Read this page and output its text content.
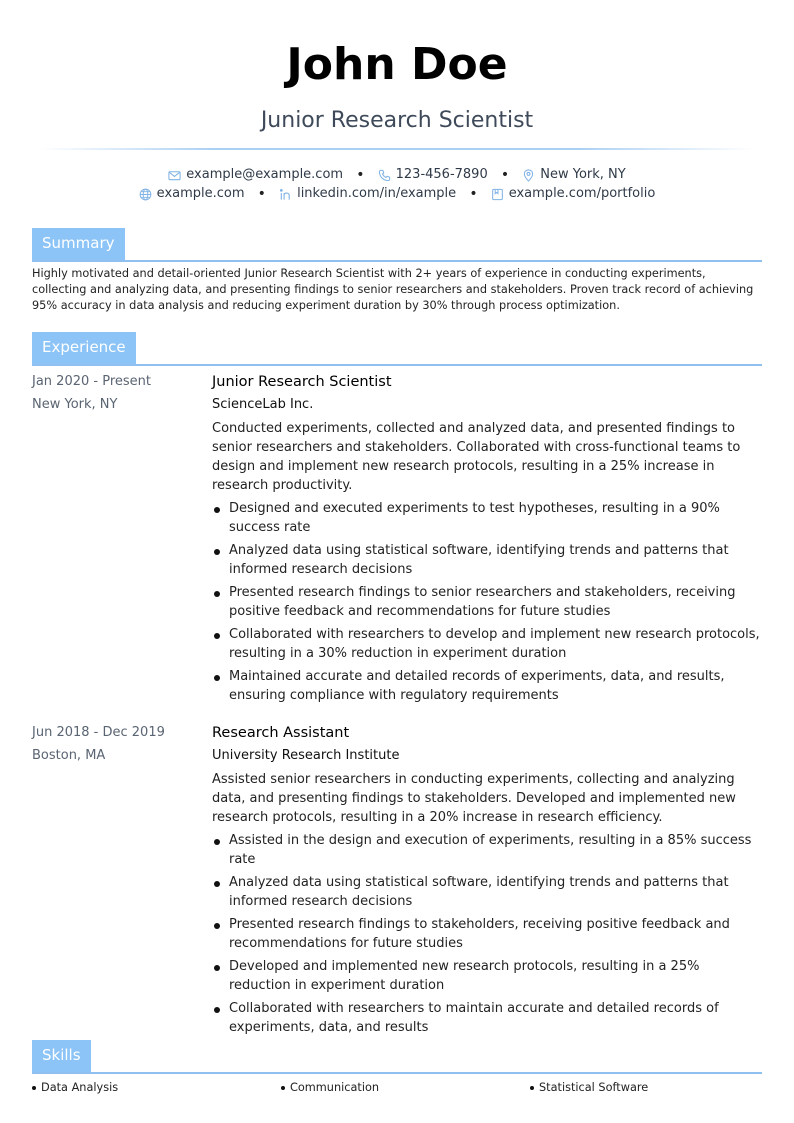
John Doe
Junior Research Scientist
example@example.com • 123-456-7890 • New York, NY
example.com • linkedin.com/in/example • example.com/portfolio
Summary
Highly motivated and detail-oriented Junior Research Scientist with 2+ years of experience in conducting experiments, collecting and analyzing data, and presenting findings to senior researchers and stakeholders. Proven track record of achieving 95% accuracy in data analysis and reducing experiment duration by 30% through process optimization.
Experience
Jan 2020 - Present
New York, NY

Junior Research Scientist

ScienceLab Inc.

Conducted experiments, collected and analyzed data, and presented findings to senior researchers and stakeholders. Collaborated with cross-functional teams to design and implement new research protocols, resulting in a 25% increase in research productivity.

Designed and executed experiments to test hypotheses, resulting in a 90% success rate
Analyzed data using statistical software, identifying trends and patterns that informed research decisions
Presented research findings to senior researchers and stakeholders, receiving positive feedback and recommendations for future studies
Collaborated with researchers to develop and implement new research protocols, resulting in a 30% reduction in experiment duration
Maintained accurate and detailed records of experiments, data, and results, ensuring compliance with regulatory requirements
Jun 2018 - Dec 2019
Boston, MA

Research Assistant

University Research Institute

Assisted senior researchers in conducting experiments, collecting and analyzing data, and presenting findings to stakeholders. Developed and implemented new research protocols, resulting in a 20% increase in research efficiency.

Assisted in the design and execution of experiments, resulting in a 85% success rate
Analyzed data using statistical software, identifying trends and patterns that informed research decisions
Presented research findings to stakeholders, receiving positive feedback and recommendations for future studies
Developed and implemented new research protocols, resulting in a 25% reduction in experiment duration
Collaborated with researchers to maintain accurate and detailed records of experiments, data, and results
Skills
Data Analysis	Communication	Statistical Software
